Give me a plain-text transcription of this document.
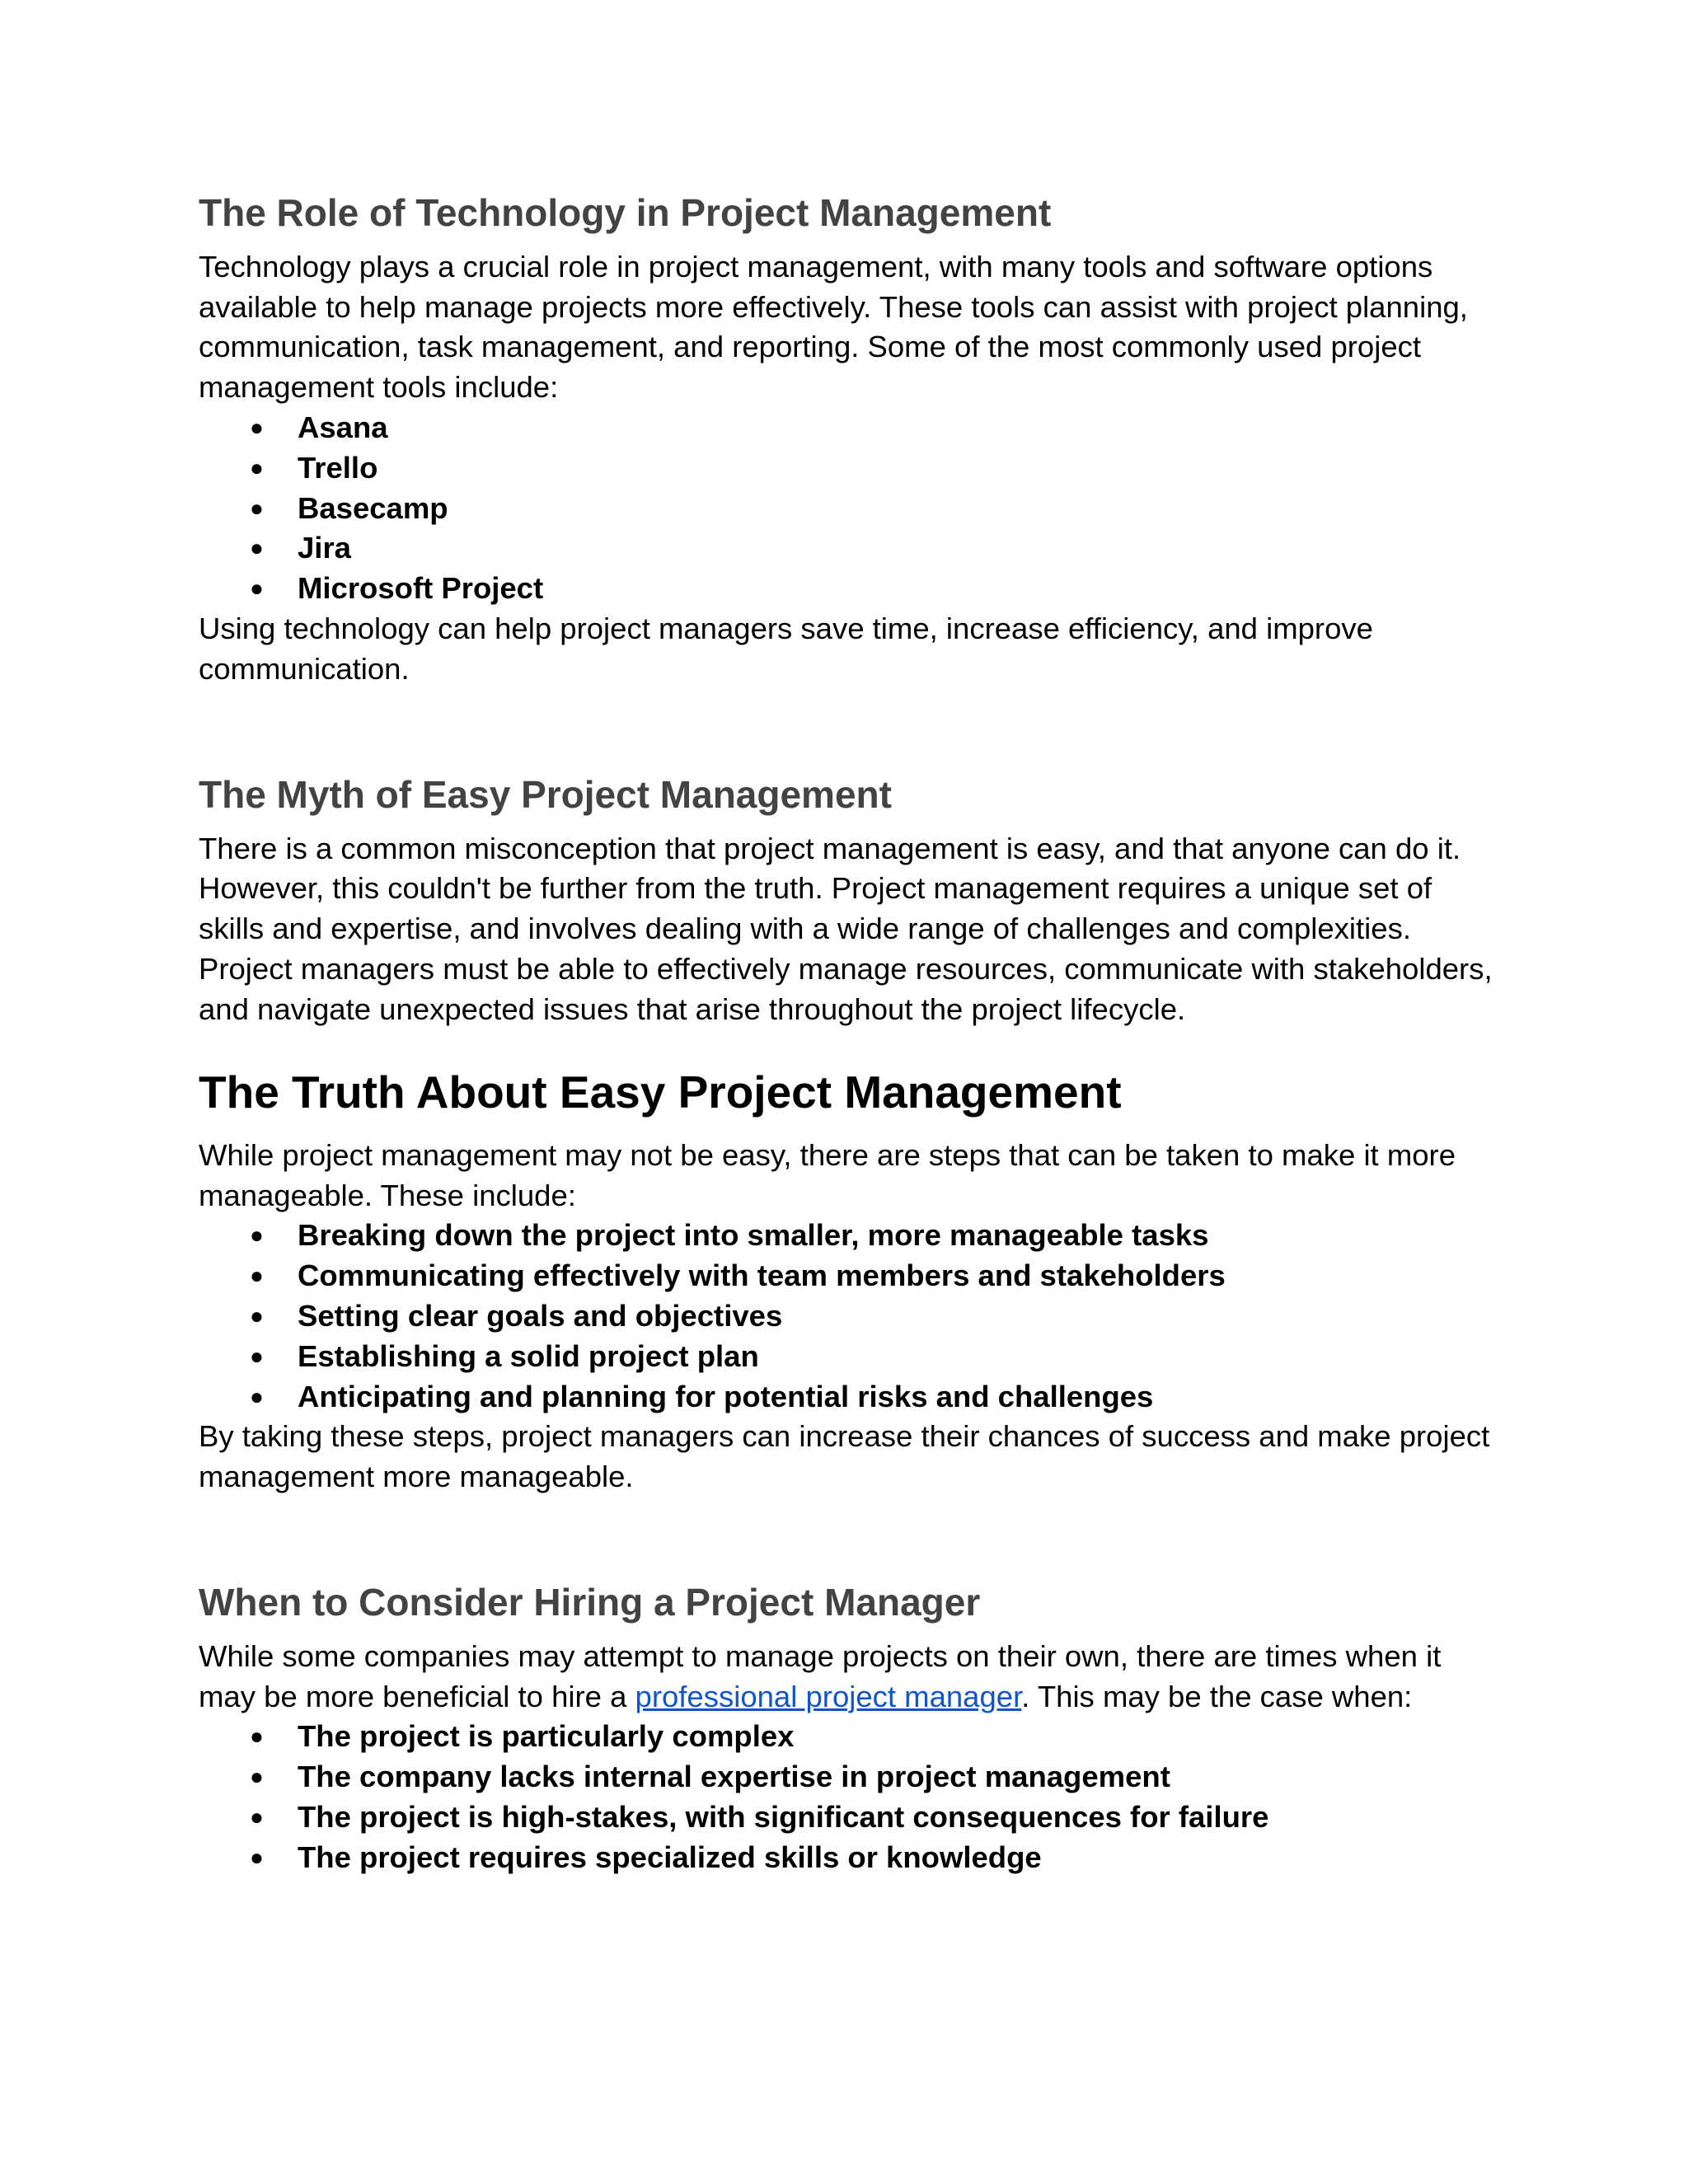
The Role of Technology in Project Management

Technology plays a crucial role in project management, with many tools and software options available to help manage projects more effectively. These tools can assist with project planning, communication, task management, and reporting. Some of the most commonly used project management tools include:

● Asana
● Trello
● Basecamp
● Jira
● Microsoft Project

Using technology can help project managers save time, increase efficiency, and improve communication.

The Myth of Easy Project Management

There is a common misconception that project management is easy, and that anyone can do it. However, this couldn't be further from the truth. Project management requires a unique set of skills and expertise, and involves dealing with a wide range of challenges and complexities. Project managers must be able to effectively manage resources, communicate with stakeholders, and navigate unexpected issues that arise throughout the project lifecycle.

The Truth About Easy Project Management

While project management may not be easy, there are steps that can be taken to make it more manageable. These include:

● Breaking down the project into smaller, more manageable tasks
● Communicating effectively with team members and stakeholders
● Setting clear goals and objectives
● Establishing a solid project plan
● Anticipating and planning for potential risks and challenges

By taking these steps, project managers can increase their chances of success and make project management more manageable.

When to Consider Hiring a Project Manager

While some companies may attempt to manage projects on their own, there are times when it may be more beneficial to hire a professional project manager. This may be the case when:

● The project is particularly complex
● The company lacks internal expertise in project management
● The project is high-stakes, with significant consequences for failure
● The project requires specialized skills or knowledge
